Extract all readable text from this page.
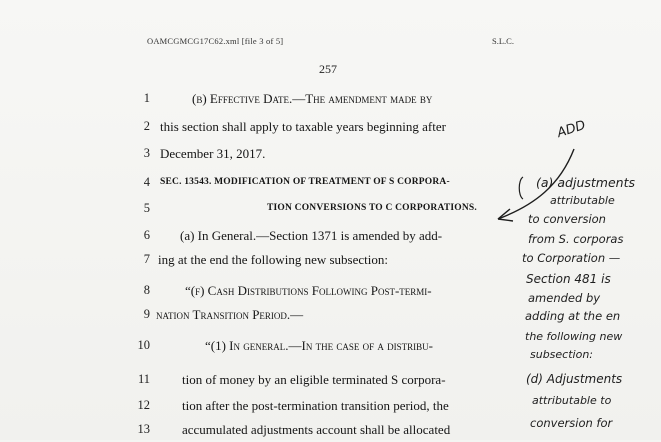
OAMCGMCG17C62.xml [file 3 of 5]	S.L.C.
257
1	(b) Effective Date.—The amendment made by
2 this section shall apply to taxable years beginning after
3 December 31, 2017.
4 SEC. 13543. MODIFICATION OF TREATMENT OF S CORPORA-
5	TION CONVERSIONS TO C CORPORATIONS.
6 (a) In General.—Section 1371 is amended by add-
7 ing at the end the following new subsection:
8	“(f) Cash Distributions Following Post-termi-
9 nation Transition Period.—
10	“(1) In general.—In the case of a distribu-
11 tion of money by an eligible terminated S corpora-
12 tion after the post-termination transition period, the
13 accumulated adjustments account shall be allocated
ADD
(a) adjustments
attributable
to conversion
from S. corporas
to Corporation —
Section 481 is
amended by
adding at the en
the following new
subsection:
(d) Adjustments
attributable to
conversion for
